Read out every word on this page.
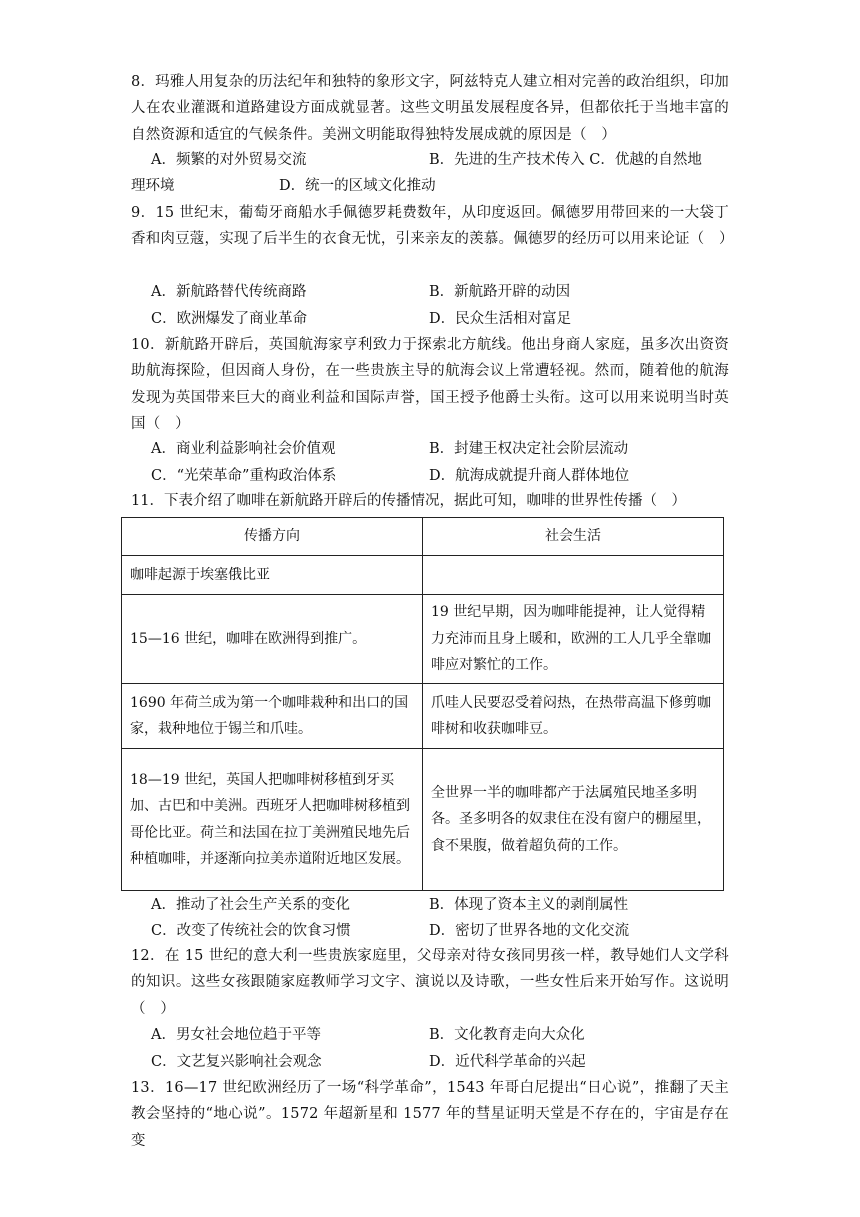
8．玛雅人用复杂的历法纪年和独特的象形文字，阿兹特克人建立相对完善的政治组织，印加人在农业灌溉和道路建设方面成就显著。这些文明虽发展程度各异，但都依托于当地丰富的自然资源和适宜的气候条件。美洲文明能取得独特发展成就的原因是（　）
A．频繁的对外贸易交流	B．先进的生产技术传入 C．优越的自然地
理环境	D．统一的区域文化推动
9．15 世纪末，葡萄牙商船水手佩德罗耗费数年，从印度返回。佩德罗用带回来的一大袋丁香和肉豆蔻，实现了后半生的衣食无忧，引来亲友的羡慕。佩德罗的经历可以用来论证（　）
A．新航路替代传统商路	B．新航路开辟的动因
C．欧洲爆发了商业革命	D．民众生活相对富足
10．新航路开辟后，英国航海家亨利致力于探索北方航线。他出身商人家庭，虽多次出资资助航海探险，但因商人身份，在一些贵族主导的航海会议上常遭轻视。然而，随着他的航海发现为英国带来巨大的商业利益和国际声誉，国王授予他爵士头衔。这可以用来说明当时英国（　）
A．商业利益影响社会价值观	B．封建王权决定社会阶层流动
C．“光荣革命”重构政治体系	D．航海成就提升商人群体地位
11．下表介绍了咖啡在新航路开辟后的传播情况，据此可知，咖啡的世界性传播（　）
传播方向	社会生活
咖啡起源于埃塞俄比亚	
15—16 世纪，咖啡在欧洲得到推广。	19 世纪早期，因为咖啡能提神，让人觉得精力充沛而且身上暖和，欧洲的工人几乎全靠咖啡应对繁忙的工作。
1690 年荷兰成为第一个咖啡栽种和出口的国家，栽种地位于锡兰和爪哇。	爪哇人民要忍受着闷热，在热带高温下修剪咖啡树和收获咖啡豆。
18—19 世纪，英国人把咖啡树移植到牙买加、古巴和中美洲。西班牙人把咖啡树移植到哥伦比亚。荷兰和法国在拉丁美洲殖民地先后种植咖啡，并逐渐向拉美赤道附近地区发展。	全世界一半的咖啡都产于法属殖民地圣多明各。圣多明各的奴隶住在没有窗户的棚屋里，食不果腹，做着超负荷的工作。
A．推动了社会生产关系的变化	B．体现了资本主义的剥削属性
C．改变了传统社会的饮食习惯	D．密切了世界各地的文化交流
12．在 15 世纪的意大利一些贵族家庭里，父母亲对待女孩同男孩一样，教导她们人文学科的知识。这些女孩跟随家庭教师学习文字、演说以及诗歌，一些女性后来开始写作。这说明（　）
A．男女社会地位趋于平等	B．文化教育走向大众化
C．文艺复兴影响社会观念	D．近代科学革命的兴起
13．16—17 世纪欧洲经历了一场“科学革命”，1543 年哥白尼提出“日心说”，推翻了天主教会坚持的“地心说”。1572 年超新星和 1577 年的彗星证明天堂是不存在的，宇宙是存在变
